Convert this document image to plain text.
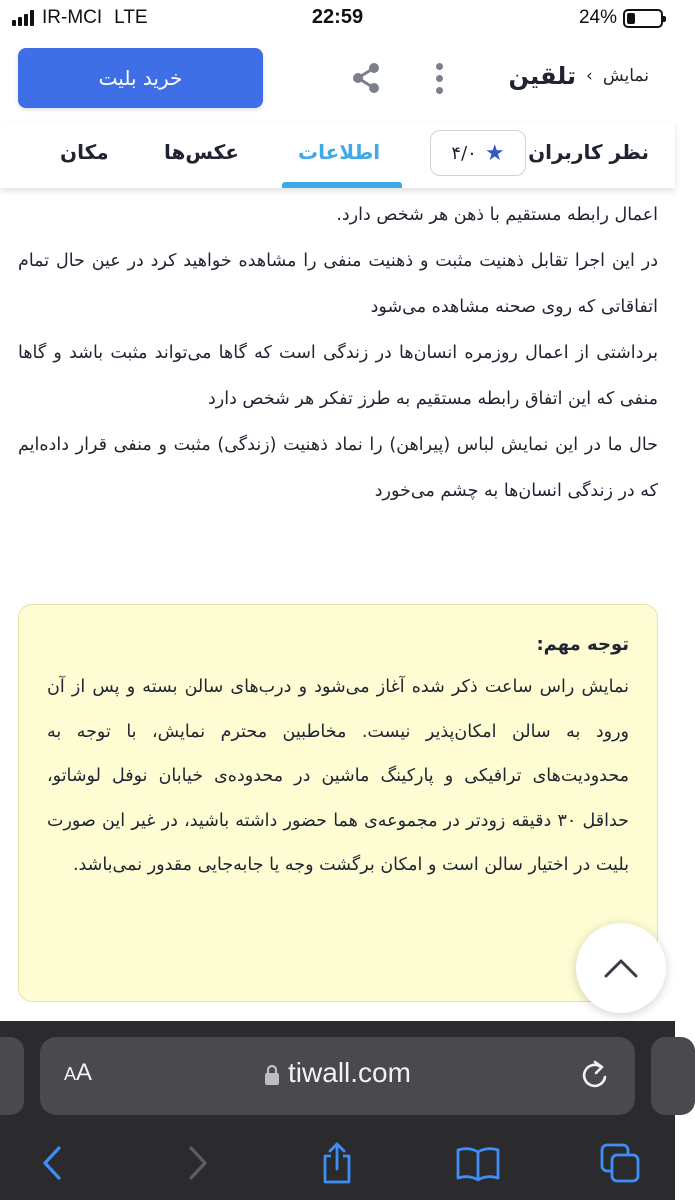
IR-MCI LTE	22:59	24%
خرید بلیت	نمایش
›
تلقین
نظر کاربران
۴/۰ ★
اطلاعات
عکس‌ها
مکان

اعمال رابطه مستقیم با ذهن هر شخص دارد.

در این اجرا تقابل ذهنیت مثبت و ذهنیت منفی را مشاهده خواهید کرد در عین حال تمام اتفاقاتی که روی صحنه مشاهده می‌شود

برداشتی از اعمال روزمره انسان‌ها در زندگی است که گاها می‌تواند مثبت باشد و گاها منفی که این اتفاق رابطه مستقیم به طرز تفکر هر شخص دارد

حال ما در این نمایش لباس (پیراهن) را نماد ذهنیت (زندگی) مثبت و منفی قرار داده‌ایم که در زندگی انسان‌ها به چشم می‌خورد

توجه مهم:
نمایش راس ساعت ذکر شده آغاز می‌شود و درب‌های سالن بسته و پس از آن ورود به سالن امکان‌پذیر نیست. مخاطبین محترم نمایش، با توجه به محدودیت‌های ترافیکی و پارکینگ ماشین در محدوده‌ی خیابان نوفل لوشاتو، حداقل ۳۰ دقیقه زودتر در مجموعه‌ی هما حضور داشته باشید، در غیر این صورت بلیت در اختیار سالن است و امکان برگشت وجه یا جابه‌جایی مقدور نمی‌باشد.
AA	tiwall.com
